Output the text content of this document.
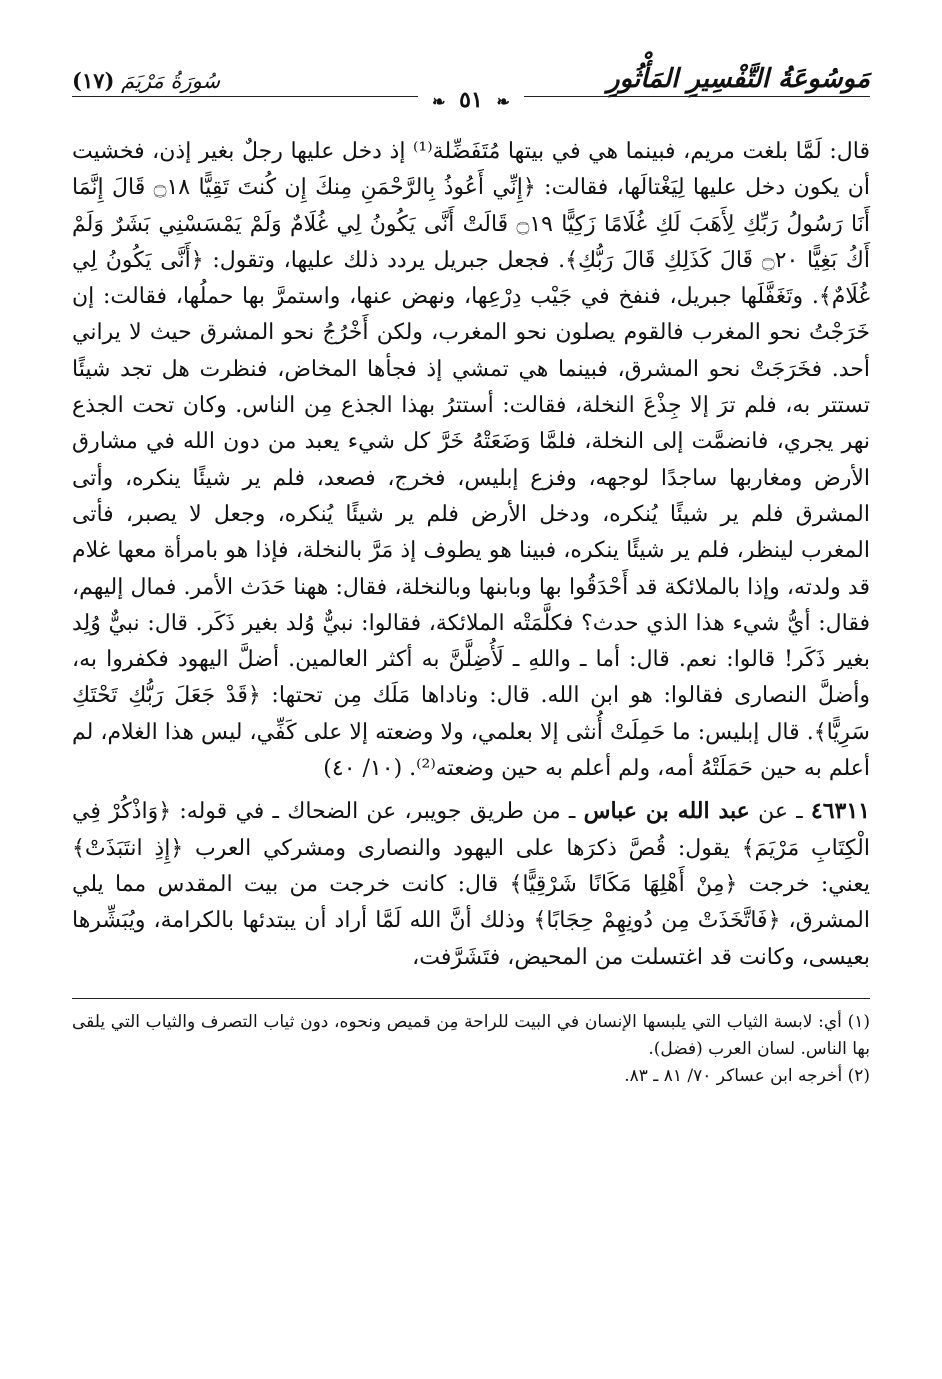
مَوسُوعَةُ التَّفْسِيرِ المَأْثُورِ
سُورَةُ مَرْيَمَ (١٧)
❧ ٥١ ❧

قال: لَمَّا بلغت مريم، فبينما هي في بيتها مُتَفَضِّلة⁽¹⁾ إذ دخل عليها رجلٌ بغير إذن، فخشيت أن يكون دخل عليها لِيَغْتالَها، فقالت: ﴿إِنِّي أَعُوذُ بِالرَّحْمَنِ مِنكَ إِن كُنتَ تَقِيًّا ۝١٨ قَالَ إِنَّمَا أَنَا رَسُولُ رَبِّكِ لِأَهَبَ لَكِ غُلَامًا زَكِيًّا ۝١٩ قَالَتْ أَنَّى يَكُونُ لِي غُلَامٌ وَلَمْ يَمْسَسْنِي بَشَرٌ وَلَمْ أَكُ بَغِيًّا ۝٢٠ قَالَ كَذَلِكِ قَالَ رَبُّكِ﴾. فجعل جبريل يردد ذلك عليها، وتقول: ﴿أَنَّى يَكُونُ لِي غُلَامٌ﴾. وتَغَفَّلَها جبريل، فنفخ في جَيْب دِرْعِها، ونهض عنها، واستمرَّ بها حملُها، فقالت: إن خَرَجْتُ نحو المغرب فالقوم يصلون نحو المغرب، ولكن أَخْرُجُ نحو المشرق حيث لا يراني أحد. فخَرَجَتْ نحو المشرق، فبينما هي تمشي إذ فجأها المخاض، فنظرت هل تجد شيئًا تستتر به، فلم ترَ إلا جِذْعَ النخلة، فقالت: أستترُ بهذا الجذع مِن الناس. وكان تحت الجذع نهر يجري، فانضمَّت إلى النخلة، فلمَّا وَضَعَتْهُ خَرَّ كل شيء يعبد من دون الله في مشارق الأرض ومغاربها ساجدًا لوجهه، وفزع إبليس، فخرج، فصعد، فلم ير شيئًا ينكره، وأتى المشرق فلم ير شيئًا يُنكره، ودخل الأرض فلم ير شيئًا يُنكره، وجعل لا يصبر، فأتى المغرب لينظر، فلم ير شيئًا ينكره، فبينا هو يطوف إذ مَرَّ بالنخلة، فإذا هو بامرأة معها غلام قد ولدته، وإذا بالملائكة قد أَحْدَقُوا بها وبابنها وبالنخلة، فقال: ههنا حَدَث الأمر. فمال إليهم، فقال: أيُّ شيء هذا الذي حدث؟ فكلَّمَتْه الملائكة، فقالوا: نبيٌّ وُلد بغير ذَكَر. قال: نبيٌّ وُلِد بغير ذَكَر! قالوا: نعم. قال: أما ـ واللهِ ـ لَأُضِلَّنَّ به أكثر العالمين. أضلَّ اليهود فكفروا به، وأضلَّ النصارى فقالوا: هو ابن الله. قال: وناداها مَلَك مِن تحتها: ﴿قَدْ جَعَلَ رَبُّكِ تَحْتَكِ سَرِيًّا﴾. قال إبليس: ما حَمِلَتْ أُنثى إلا بعلمي، ولا وضعته إلا على كَفِّي، ليس هذا الغلام، لم أعلم به حين حَمَلَتْهُ أمه، ولم أعلم به حين وضعته⁽²⁾. (١٠/ ٤٠)

٤٦٣١١ ـ عن عبد الله بن عباس ـ من طريق جويبر، عن الضحاك ـ في قوله: ﴿وَاذْكُرْ فِي الْكِتَابِ مَرْيَمَ﴾ يقول: قُصَّ ذكرَها على اليهود والنصارى ومشركي العرب ﴿إِذِ انتَبَذَتْ﴾ يعني: خرجت ﴿مِنْ أَهْلِهَا مَكَانًا شَرْقِيًّا﴾ قال: كانت خرجت من بيت المقدس مما يلي المشرق، ﴿فَاتَّخَذَتْ مِن دُونِهِمْ حِجَابًا﴾ وذلك أنَّ الله لَمَّا أراد أن يبتدئها بالكرامة، ويُبَشِّرها بعيسى، وكانت قد اغتسلت من المحيض، فتَشَرَّفت،

(١) أي: لابسة الثياب التي يلبسها الإنسان في البيت للراحة مِن قميص ونحوه، دون ثياب التصرف والثياب التي يلقى بها الناس. لسان العرب (فضل).

(٢) أخرجه ابن عساكر ٧٠/ ٨١ ـ ٨٣.
